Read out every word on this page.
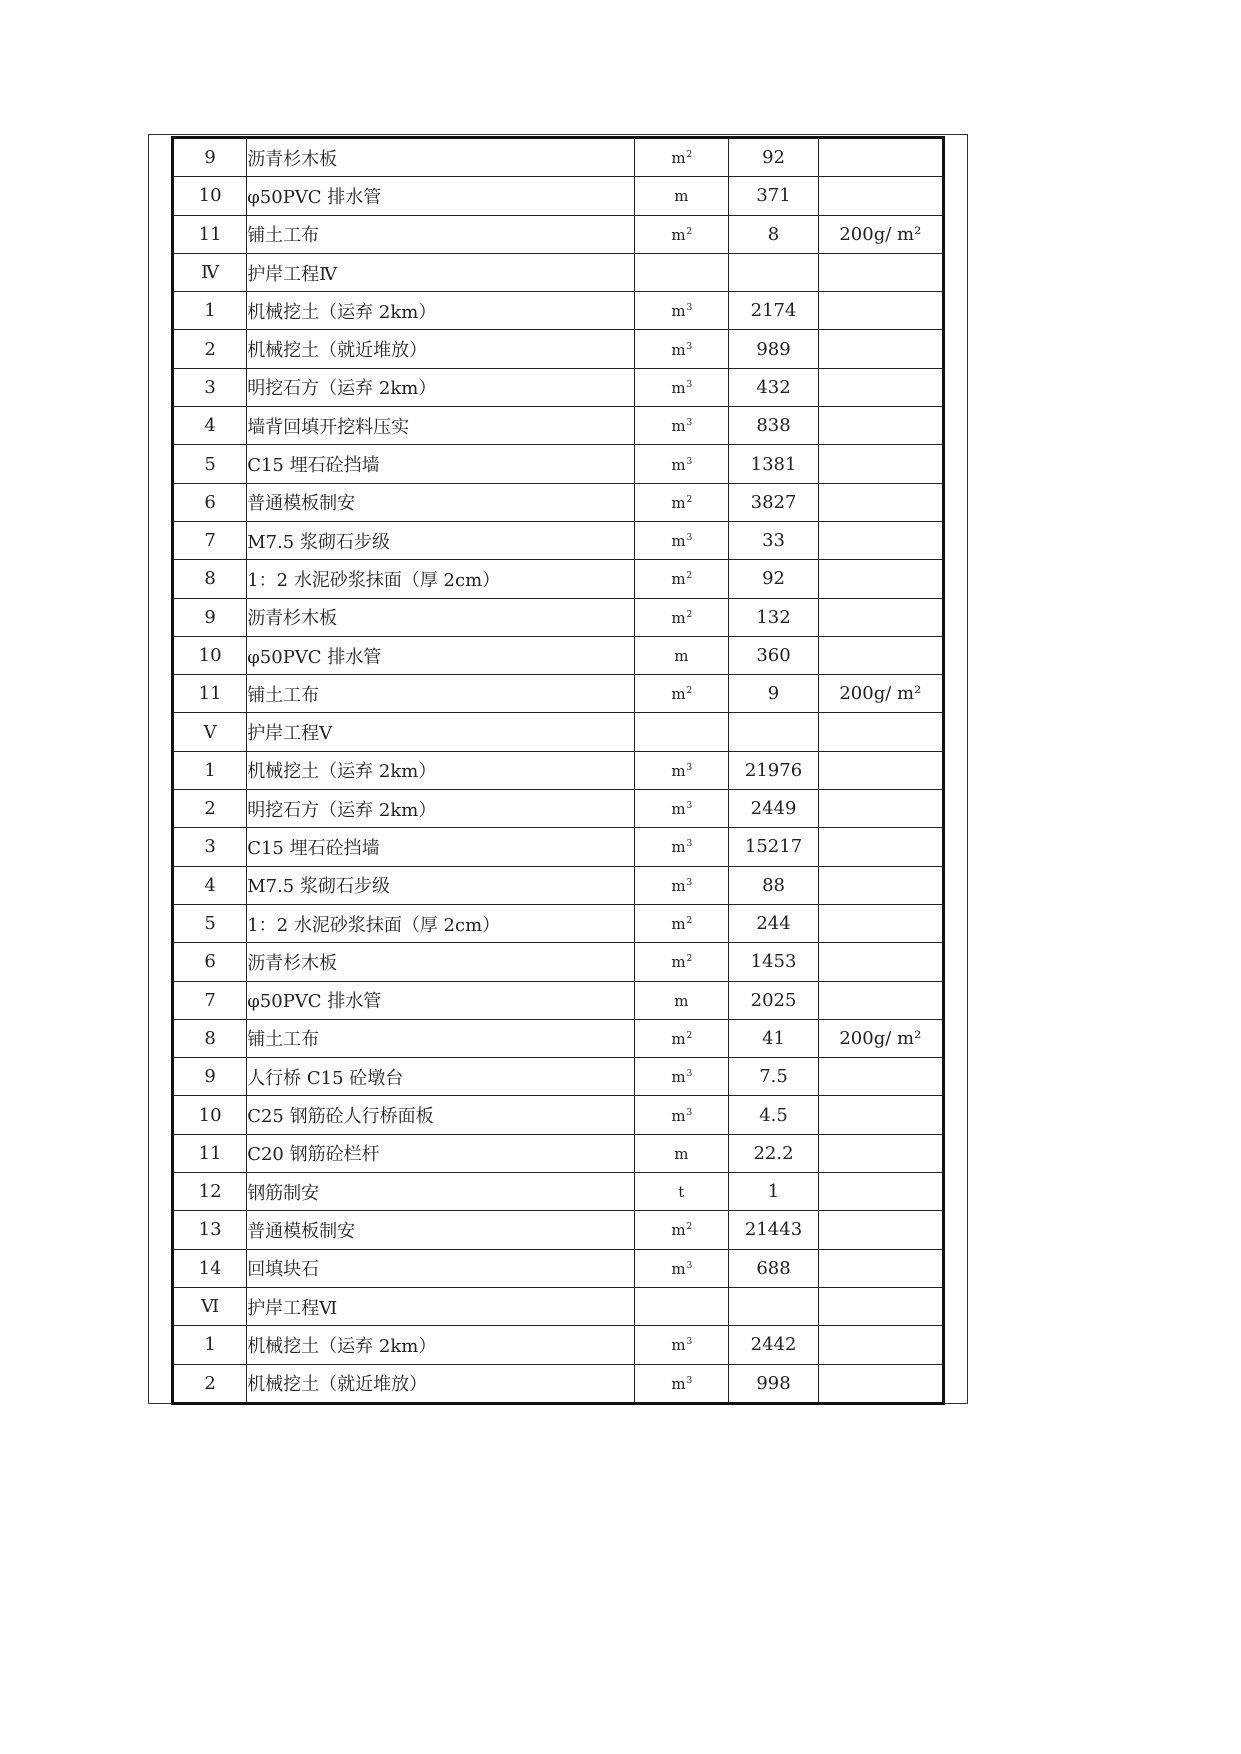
9	沥青杉木板	$m^2$	92	
10	φ50PVC 排水管	m	371	
11	铺土工布	$m^2$	8	200g/ m²
Ⅳ	护岸工程Ⅳ			
1	机械挖土（运弃 2km）	$m^3$	2174	
2	机械挖土（就近堆放）	$m^3$	989	
3	明挖石方（运弃 2km）	$m^3$	432	
4	墙背回填开挖料压实	$m^3$	838	
5	C15 埋石砼挡墙	$m^3$	1381	
6	普通模板制安	$m^2$	3827	
7	M7.5 浆砌石步级	$m^3$	33	
8	1：2 水泥砂浆抹面（厚 2cm）	$m^2$	92	
9	沥青杉木板	$m^2$	132	
10	φ50PVC 排水管	m	360	
11	铺土工布	$m^2$	9	200g/ m²
Ⅴ	护岸工程Ⅴ			
1	机械挖土（运弃 2km）	$m^3$	21976	
2	明挖石方（运弃 2km）	$m^3$	2449	
3	C15 埋石砼挡墙	$m^3$	15217	
4	M7.5 浆砌石步级	$m^3$	88	
5	1：2 水泥砂浆抹面（厚 2cm）	$m^2$	244	
6	沥青杉木板	$m^2$	1453	
7	φ50PVC 排水管	m	2025	
8	铺土工布	$m^2$	41	200g/ m²
9	人行桥 C15 砼墩台	$m^3$	7.5	
10	C25 钢筋砼人行桥面板	$m^3$	4.5	
11	C20 钢筋砼栏杆	m	22.2	
12	钢筋制安	t	1	
13	普通模板制安	$m^2$	21443	
14	回填块石	$m^3$	688	
Ⅵ	护岸工程Ⅵ			
1	机械挖土（运弃 2km）	$m^3$	2442	
2	机械挖土（就近堆放）	$m^3$	998	
